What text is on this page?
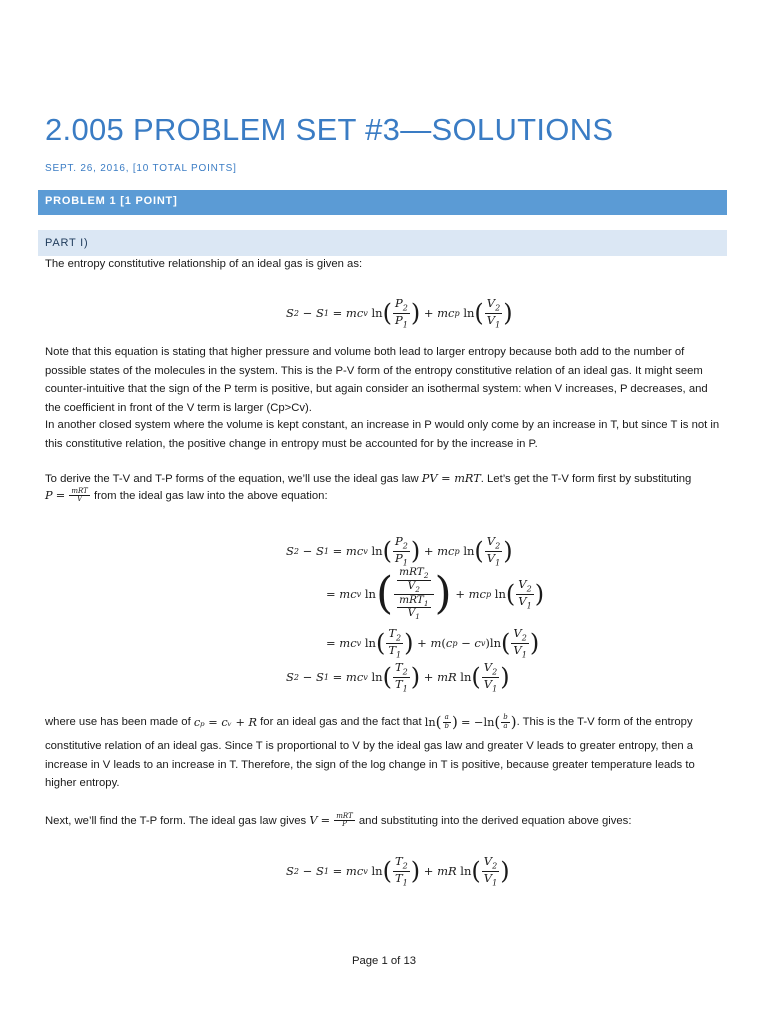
2.005 PROBLEM SET #3—SOLUTIONS
SEPT. 26, 2016, [10 TOTAL POINTS]
PROBLEM 1 [1 POINT]
PART I)
The entropy constitutive relationship of an ideal gas is given as:
S 2 − S 1
= mc v
ln ( $\frac{P_2}{P_1}$ )
+ mc p
ln ( $\frac{V_2}{V_1}$ )

Note that this equation is stating that higher pressure and volume both lead to larger entropy because both add to the number of possible states of the molecules in the system. This is the P-V form of the entropy constitutive relation of an ideal gas. It might seem counter-intuitive that the sign of the P term is positive, but again consider an isothermal system: when V increases, P decreases, and the coefficient in front of the V term is larger (Cp>Cv).

In another closed system where the volume is kept constant, an increase in P would only come by an increase in T, but since T is not in this constitutive relation, the positive change in entropy must be accounted for by the increase in P.

To derive the T-V and T-P forms of the equation, we’ll use the ideal gas law PV = mRT. Let’s get the T-V form first by substituting
P
=
$\frac{\text{mRT}}{V}$
from the ideal gas law into the above equation:
S 2 − S 1
= mc v
ln ( $\frac{P_2}{P_1}$ )
+ mc p
ln ( $\frac{V_2}{V_1}$ )
= mc v
ln ( $\frac{\frac{mRT_2}{V_2}}{\frac{mRT_1}{V_1}}$ )
+ mc p
ln ( $\frac{V_2}{V_1}$ )
= mc v
ln ( $\frac{T_2}{T_1}$ )
+ m ( c p − c v ) ln ( $\frac{V_2}{V_1}$ )
S 2 − S 1
= mc v
ln ( $\frac{T_2}{T_1}$ )
+ mR ln ( $\frac{V_2}{V_1}$ )
where use has been made of
cₚ = cᵥ + R
for an ideal gas and the fact that
ln ( $\frac{a}{b}$ )
= −ln ( $\frac{b}{a}$ ) . This is the T-V form of the entropy

constitutive relation of an ideal gas. Since T is proportional to V by the ideal gas law and greater V leads to greater entropy, then a increase in V leads to an increase in T. Therefore, the sign of the log change in T is positive, because greater temperature leads to higher entropy.

Next, we’ll find the T-P form. The ideal gas law gives
V
=
$\frac{\text{mRT}}{P}$
and substituting into the derived equation above gives:
S 2 − S 1
= mc v
ln ( $\frac{T_2}{T_1}$ )
+ mR ln ( $\frac{V_2}{V_1}$ )
Page 1 of 13
